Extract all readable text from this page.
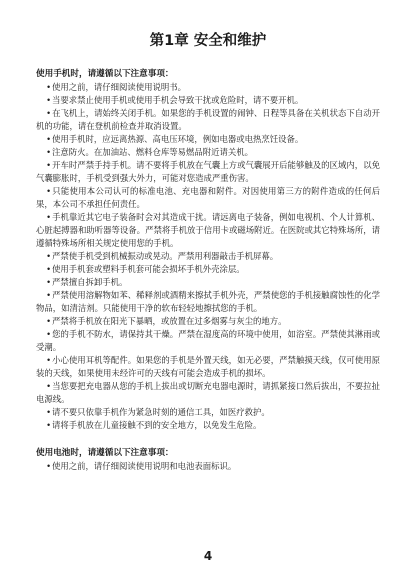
第1章 安全和维护

使用手机时，请遵循以下注意事项：

•使用之前，请仔细阅读使用说明书。

•当要求禁止使用手机或使用手机会导致干扰或危险时，请不要开机。

•在飞机上，请始终关闭手机。如果您的手机设置的闹钟、日程等具备在关机状态下自动开机的功能，请在登机前检查并取消设置。

•使用手机时，应远离热源、高电压环境，例如电器或电热烹饪设备。

•注意防火。在加油站、燃料仓库等易燃品附近请关机。

•开车时严禁手持手机。请不要将手机放在气囊上方或气囊展开后能够触及的区域内，以免气囊膨胀时，手机受到强大外力，可能对您造成严重伤害。

•只能使用本公司认可的标准电池、充电器和附件。对因使用第三方的附件造成的任何后果，本公司不承担任何责任。

•手机靠近其它电子装备时会对其造成干扰。请远离电子装备，例如电视机、个人计算机、心脏起搏器和助听器等设备。严禁将手机放于信用卡或磁场附近。在医院或其它特殊场所，请遵循特殊场所相关规定使用您的手机。

•严禁使手机受到机械振动或晃动。严禁用利器敲击手机屏幕。

•使用手机套或塑料手机套可能会损坏手机外壳涂层。

•严禁擅自拆卸手机。

•严禁使用溶解物如苯、稀释剂或酒精来擦拭手机外壳，严禁使您的手机接触腐蚀性的化学物品，如清洁剂。只能使用干净的软布轻轻地擦拭您的手机。

•严禁将手机放在阳光下暴晒，或放置在过多烟雾与灰尘的地方。

•您的手机不防水，请保持其干燥。严禁在湿度高的环境中使用，如浴室。严禁使其淋雨或受潮。

•小心使用耳机等配件。如果您的手机是外置天线，如无必要，严禁触摸天线，仅可使用原装的天线，如果使用未经许可的天线有可能会造成手机的损坏。

•当您要把充电器从您的手机上拔出或切断充电器电源时，请抓紧接口然后拔出，不要拉扯电源线。

•请不要只依靠手机作为紧急时刻的通信工具，如医疗救护。

•请将手机放在儿童接触不到的安全地方，以免发生危险。

使用电池时，请遵循以下注意事项：

•使用之前，请仔细阅读使用说明和电池表面标识。

4
